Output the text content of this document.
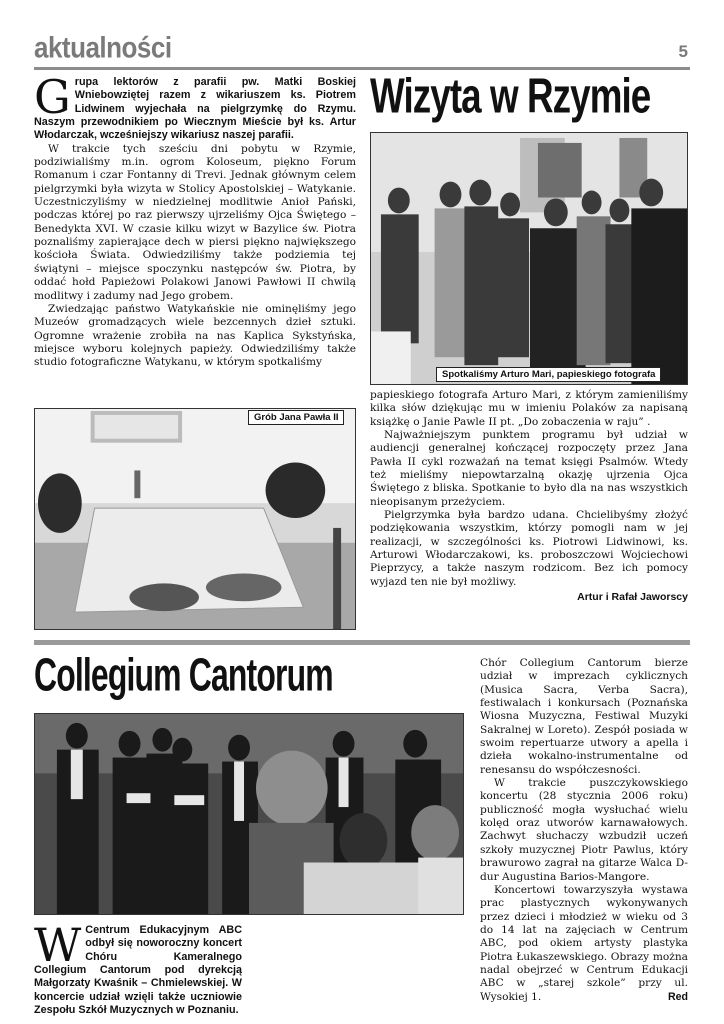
aktualności	5

Grupa lektorów z parafii pw. Matki Boskiej Wniebowziętej razem z wikariuszem ks. Piotrem Lidwinem wyjechała na pielgrzymkę do Rzymu. Naszym przewodnikiem po Wiecznym Mieście był ks. Artur Włodarczak, wcześniejszy wikariusz naszej parafii.

W trakcie tych sześciu dni pobytu w Rzymie, podziwialiśmy m.in. ogrom Koloseum, piękno Forum Romanum i czar Fontanny di Trevi. Jednak głównym celem pielgrzymki była wizyta w Stolicy Apostolskiej – Watykanie. Uczestniczyliśmy w niedzielnej modlitwie Anioł Pański, podczas której po raz pierwszy ujrzeliśmy Ojca Świętego – Benedykta XVI. W czasie kilku wizyt w Bazylice św. Piotra poznaliśmy zapierające dech w piersi piękno największego kościoła Świata. Odwiedziliśmy także podziemia tej świątyni – miejsce spoczynku następców św. Piotra, by oddać hołd Papieżowi Polakowi Janowi Pawłowi II chwilą modlitwy i zadumy nad Jego grobem.

Zwiedzając państwo Watykańskie nie ominęliśmy jego Muzeów gromadzących wiele bezcennych dzieł sztuki. Ogromne wrażenie zrobiła na nas Kaplica Sykstyńska, miejsce wyboru kolejnych papieży. Odwiedziliśmy także studio fotograficzne Watykanu, w którym spotkaliśmy

Wizyta w Rzymie
Spotkaliśmy Arturo Mari, papieskiego fotografa
Grób Jana Pawła II

papieskiego fotografa Arturo Mari, z którym zamieniliśmy kilka słów dziękując mu w imieniu Polaków za napisaną książkę o Janie Pawle II pt. „Do zobaczenia w raju” .

Najważniejszym punktem programu był udział w audiencji generalnej kończącej rozpoczęty przez Jana Pawła II cykl rozważań na temat księgi Psalmów. Wtedy też mieliśmy niepowtarzalną okazję ujrzenia Ojca Świętego z bliska. Spotkanie to było dla na nas wszystkich nieopisanym przeżyciem.

Pielgrzymka była bardzo udana. Chcielibyśmy złożyć podziękowania wszystkim, którzy pomogli nam w jej realizacji, w szczególności ks. Piotrowi Lidwinowi, ks. Arturowi Włodarczakowi, ks. proboszczowi Wojciechowi Pieprzycy, a także naszym rodzicom. Bez ich pomocy wyjazd ten nie był możliwy.

Artur i Rafał Jaworscy

Collegium Cantorum

W Centrum Edukacyjnym ABC odbył się noworoczny koncert Chóru Kameralnego Collegium Cantorum pod dyrekcją Małgorzaty Kwaśnik – Chmielewskiej. W koncercie udział wzięli także uczniowie Zespołu Szkół Muzycznych w Poznaniu.

Chór Collegium Cantorum bierze udział w imprezach cyklicznych (Musica Sacra, Verba Sacra), festiwalach i konkursach (Poznańska Wiosna Muzyczna, Festiwal Muzyki Sakralnej w Loreto). Zespół posiada w swoim repertuarze utwory a apella i dzieła wokalno-instrumentalne od renesansu do współczesności.

W trakcie puszczykowskiego koncertu (28 stycznia 2006 roku) publiczność mogła wysłuchać wielu kolęd oraz utworów karnawałowych. Zachwyt słuchaczy wzbudził uczeń szkoły muzycznej Piotr Pawlus, który brawurowo zagrał na gitarze Walca D-dur Augustina Barios-Mangore.

Koncertowi towarzyszyła wystawa prac plastycznych wykonywanych przez dzieci i młodzież w wieku od 3 do 14 lat na zajęciach w Centrum ABC, pod okiem artysty plastyka Piotra Łukaszewskiego. Obrazy można nadal obejrzeć w Centrum Edukacji ABC w „starej szkole” przy ul. Wysokiej 1.	Red
